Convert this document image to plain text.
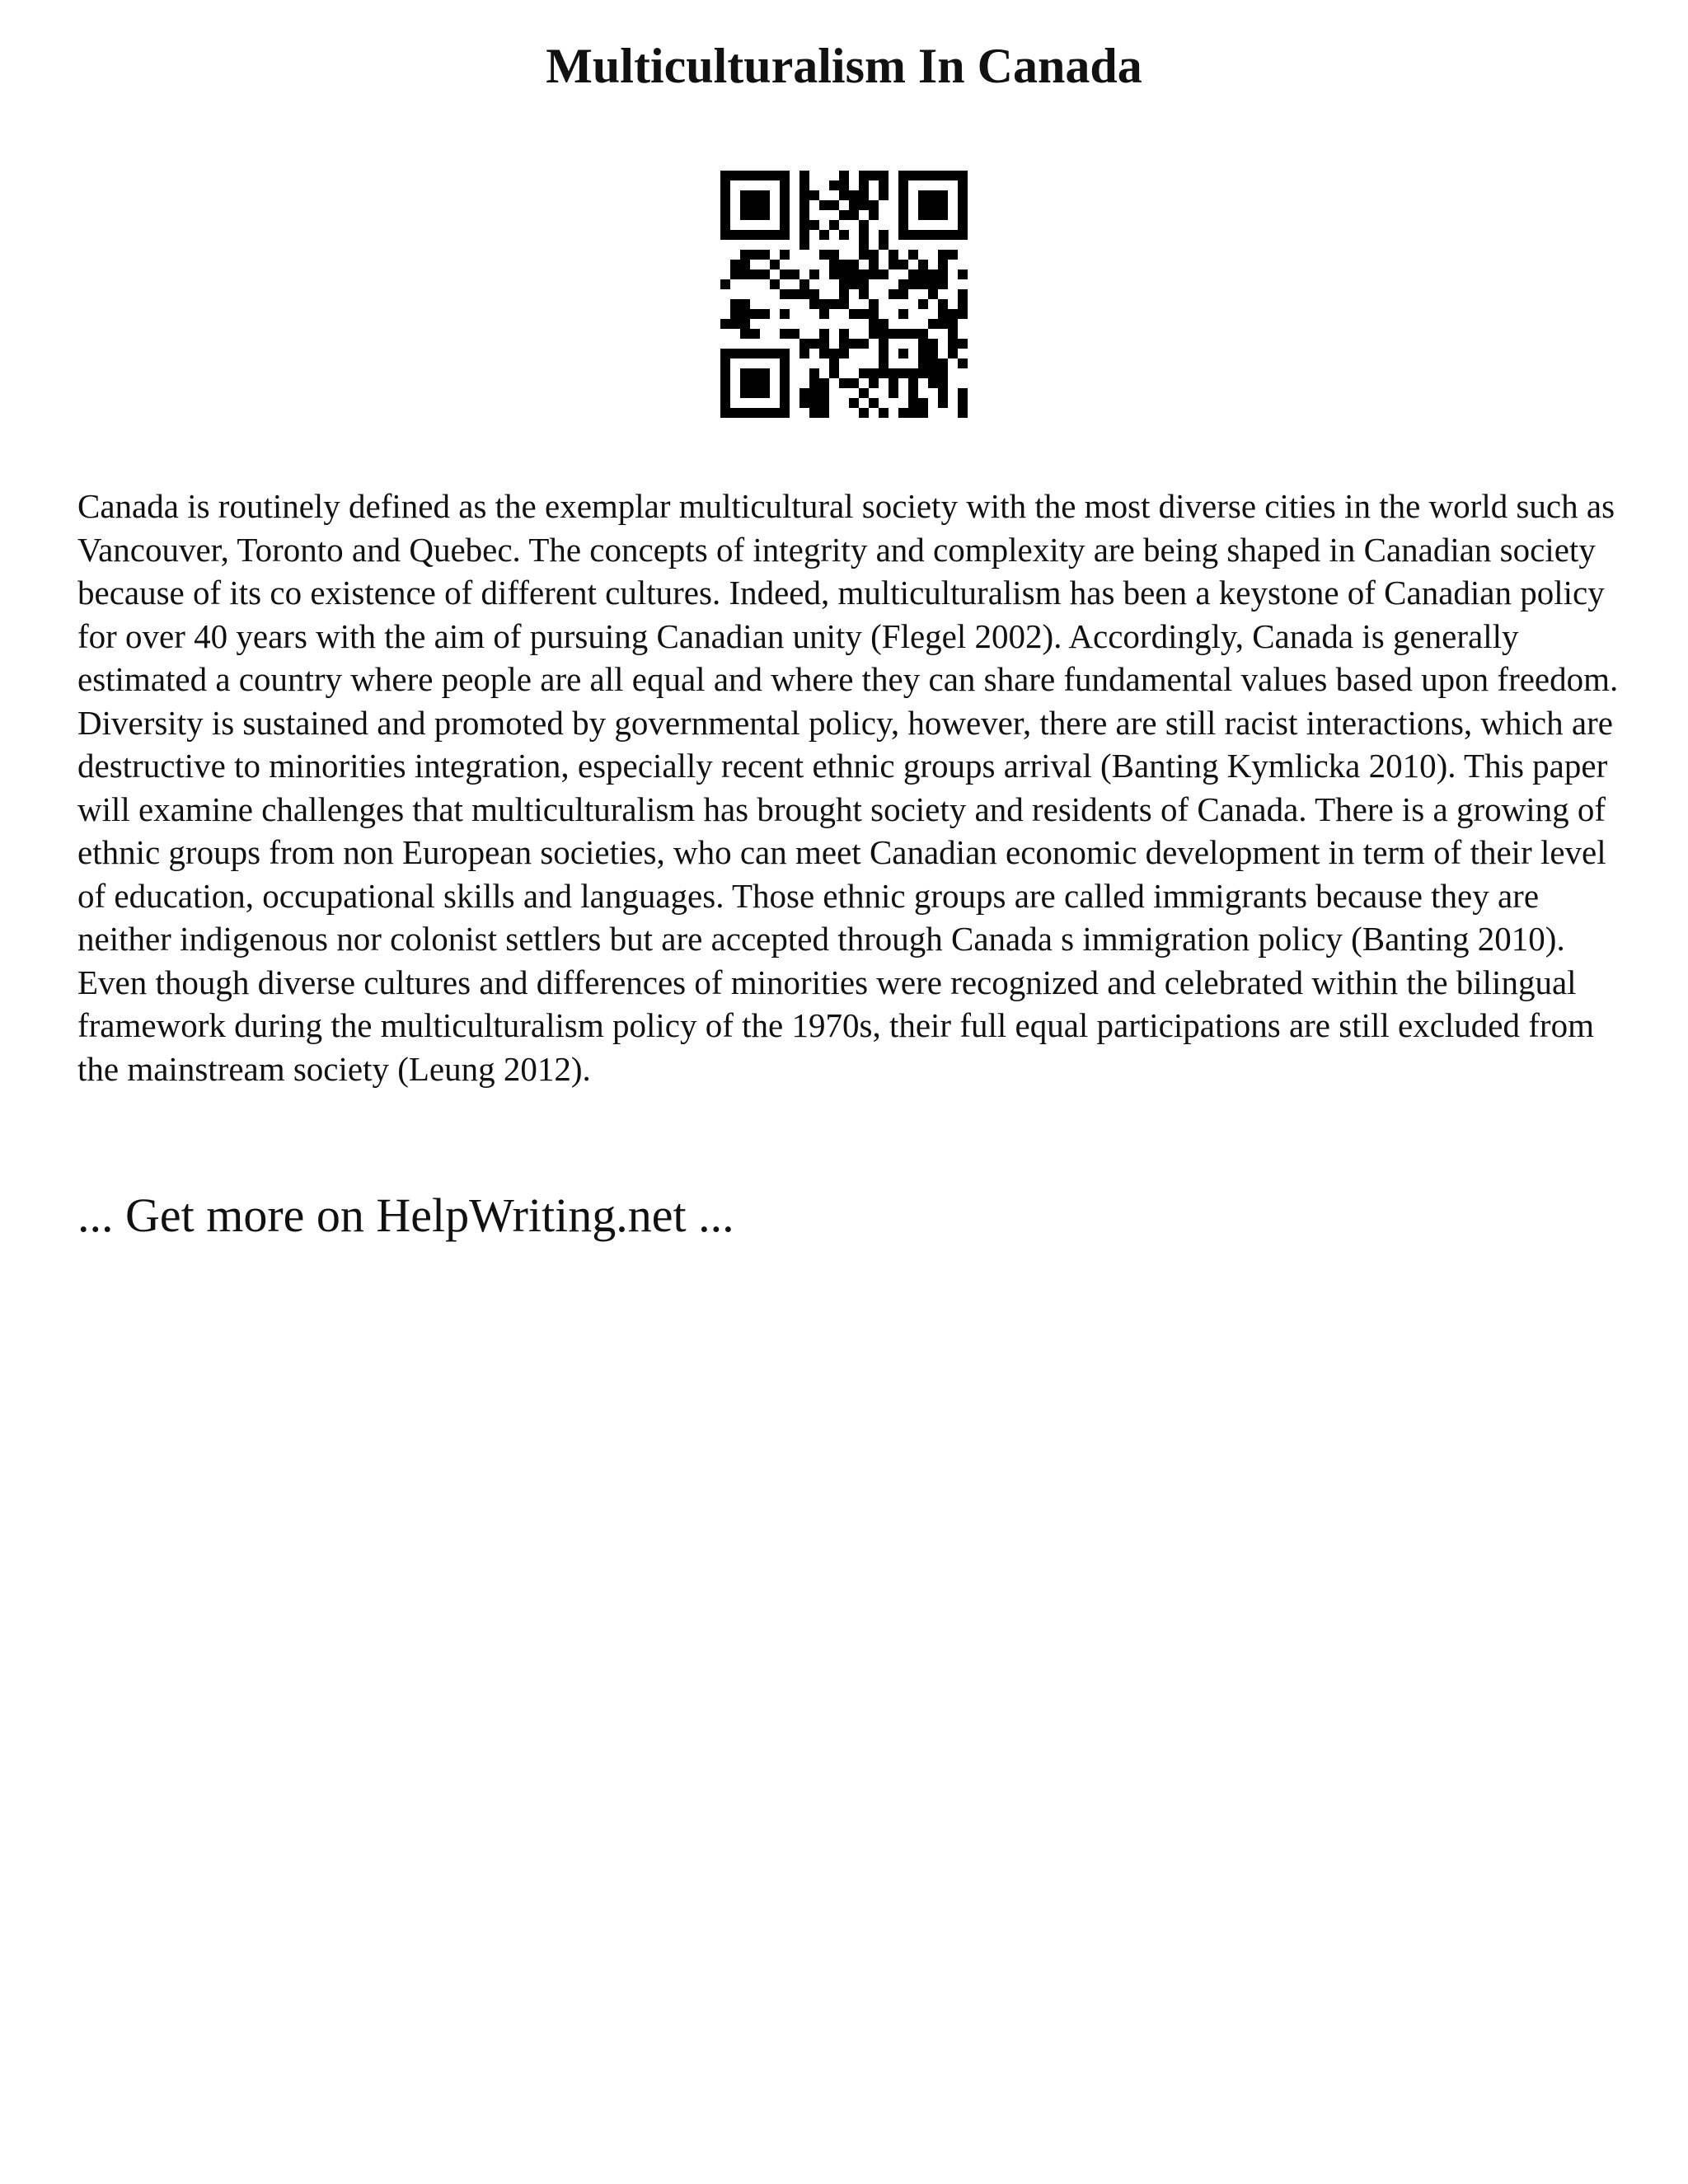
Multiculturalism In Canada

Canada is routinely defined as the exemplar multicultural society with the most diverse cities in the world such as Vancouver, Toronto and Quebec. The concepts of integrity and complexity are being shaped in Canadian society because of its co existence of different cultures. Indeed, multiculturalism has been a keystone of Canadian policy for over 40 years with the aim of pursuing Canadian unity (Flegel 2002). Accordingly, Canada is generally estimated a country where people are all equal and where they can share fundamental values based upon freedom. Diversity is sustained and promoted by governmental policy, however, there are still racist interactions, which are destructive to minorities integration, especially recent ethnic groups arrival (Banting Kymlicka 2010). This paper will examine challenges that multiculturalism has brought society and residents of Canada. There is a growing of ethnic groups from non European societies, who can meet Canadian economic development in term of their level of education, occupational skills and languages. Those ethnic groups are called immigrants because they are neither indigenous nor colonist settlers but are accepted through Canada s immigration policy (Banting 2010). Even though diverse cultures and differences of minorities were recognized and celebrated within the bilingual framework during the multiculturalism policy of the 1970s, their full equal participations are still excluded from the mainstream society (Leung 2012).

... Get more on HelpWriting.net ...
